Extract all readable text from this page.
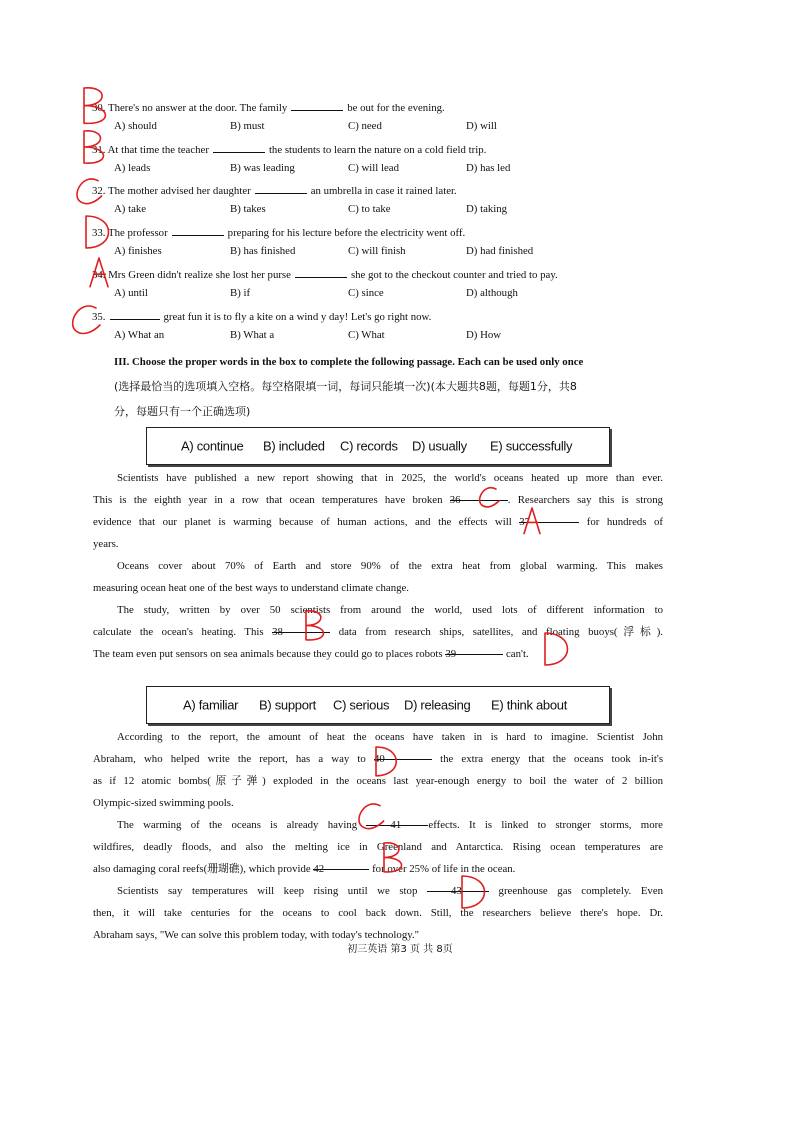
30. There's no answer at the door. The family	be out for the evening.
A) should	B) must	C) need	D) will
31. At that time the teacher	the students to learn the nature on a cold field trip.
A) leads	B) was leading	C) will lead	D) has led
32. The mother advised her daughter	an umbrella in case it rained later.
A) take	B) takes	C) to take	D) taking
33. The professor	preparing for his lecture before the electricity went off.
A) finishes	B) has finished	C) will finish	D) had finished
34. Mrs Green didn't realize she lost her purse	she got to the checkout counter and tried to pay.
A) until	B) if	C) since	D) although
35.	great fun it is to fly a kite on a wind y day! Let's go right now.
A) What an	B) What a	C) What	D) How
III. Choose the proper words in the box to complete the following passage. Each can be used only once
(选择最恰当的选项填入空格。每空格限填一词，每词只能填一次)(本大题共8题，每题1分，共8
分，每题只有一个正确选项)
A) continue B) included C) records D) usually E) successfully
Scientists have published a new report showing that in 2025, the world's oceans heated up more than ever.
This is the eighth year in a row that ocean temperatures have broken 36	. Researchers say this is strong
evidence that our planet is warming because of human actions, and the effects will 37	for hundreds of
years.
Oceans cover about 70% of Earth and store 90% of the extra heat from global warming. This makes
measuring ocean heat one of the best ways to understand climate change.
The study, written by over 50 scientists from around the world, used lots of different information to
calculate the ocean's heating. This 38	data from research ships, satellites, and floating buoys(浮标).
The team even put sensors on sea animals because they could go to places robots 39	can't.
A) familiar B) support C) serious D) releasing E) think about
According to the report, the amount of heat the oceans have taken in is hard to imagine. Scientist John
Abraham, who helped write the report, has a way to 40	the extra energy that the oceans took in-it's
as if 12 atomic bombs(原子弹) exploded in the oceans last year-enough energy to boil the water of 2 billion
Olympic-sized swimming pools.
The warming of the oceans is already having	41	effects. It is linked to stronger storms, more
wildfires, deadly floods, and also the melting ice in Greenland and Antarctica. Rising ocean temperatures are
also damaging coral reefs(珊瑚礁), which provide 42	for over 25% of life in the ocean.
Scientists say temperatures will keep rising until we stop	43	greenhouse gas completely. Even
then, it will take centuries for the oceans to cool back down. Still, the researchers believe there's hope. Dr.
Abraham says, "We can solve this problem today, with today's technology."
初三英语 第3 页 共 8页
